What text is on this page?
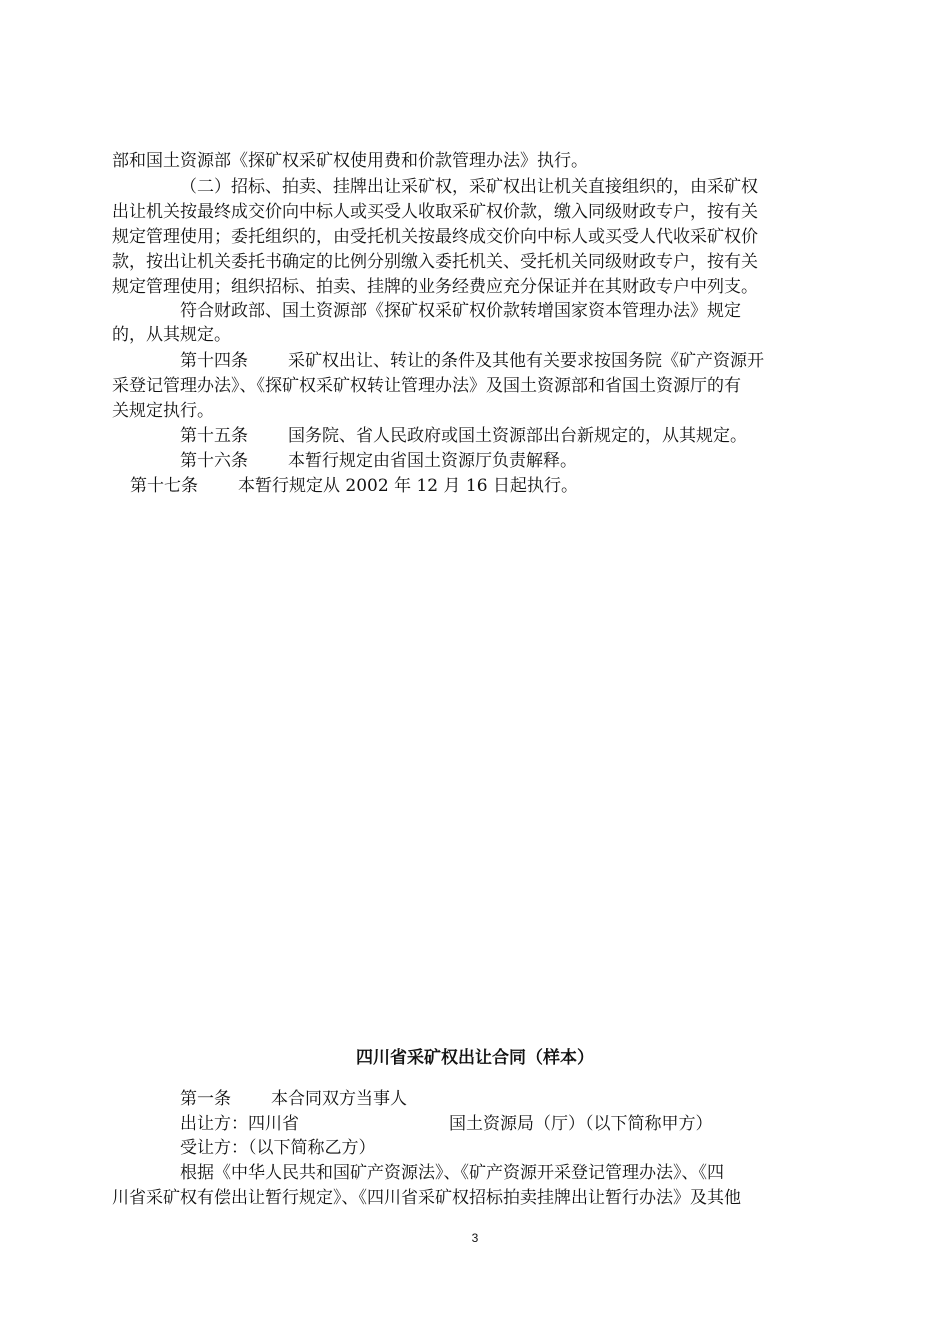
部和国土资源部《探矿权采矿权使用费和价款管理办法》执行。

（二）招标、拍卖、挂牌出让采矿权，采矿权出让机关直接组织的，由采矿权

出让机关按最终成交价向中标人或买受人收取采矿权价款，缴入同级财政专户，按有关

规定管理使用；委托组织的，由受托机关按最终成交价向中标人或买受人代收采矿权价

款，按出让机关委托书确定的比例分别缴入委托机关、受托机关同级财政专户，按有关

规定管理使用；组织招标、拍卖、挂牌的业务经费应充分保证并在其财政专户中列支。

符合财政部、国土资源部《探矿权采矿权价款转增国家资本管理办法》规定

的，从其规定。

第十四条 采矿权出让、转让的条件及其他有关要求按国务院《矿产资源开

采登记管理办法》、《探矿权采矿权转让管理办法》及国土资源部和省国土资源厅的有

关规定执行。

第十五条 国务院、省人民政府或国土资源部出台新规定的，从其规定。

第十六条 本暂行规定由省国土资源厅负责解释。

第十七条 本暂行规定从 2002 年 12 月 16 日起执行。

四川省采矿权出让合同（样本）

第一条 本合同双方当事人

出让方：四川省	国土资源局（厅）（以下简称甲方）

受让方：（以下简称乙方）

根据《中华人民共和国矿产资源法》、《矿产资源开采登记管理办法》、《四

川省采矿权有偿出让暂行规定》、《四川省采矿权招标拍卖挂牌出让暂行办法》及其他

3
